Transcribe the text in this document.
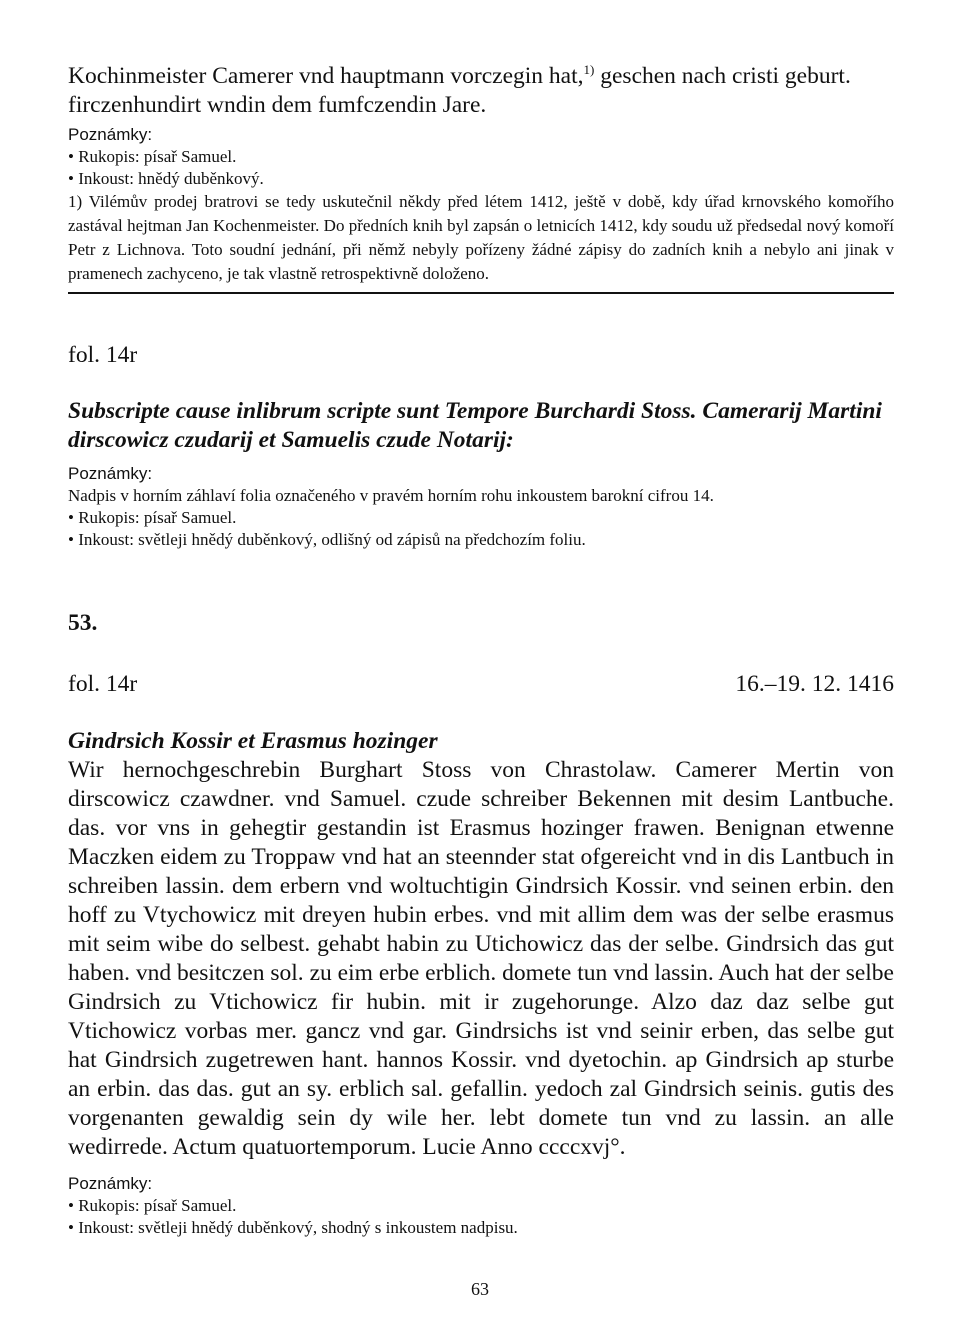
Kochinmeister Camerer vnd hauptmann vorczegin hat,$^{1)}$ geschen nach cristi geburt.

firczenhundirt wndin dem fumfczendin Jare.

Poznámky:

• Rukopis: písař Samuel.
• Inkoust: hnědý duběnkový.

1) Vilémův prodej bratrovi se tedy uskutečnil někdy před létem 1412, ještě v době, kdy úřad krnovského komořího zastával hejtman Jan Kochenmeister. Do předních knih byl zapsán o letnicích 1412, kdy soudu už předsedal nový komoří Petr z Lichnova. Toto soudní jednání, při němž nebyly pořízeny žádné zápisy do zadních knih a nebylo ani jinak v pramenech zachyceno, je tak vlastně retrospektivně doloženo.

fol. 14r

Subscripte cause inlibrum scripte sunt Tempore Burchardi Stoss. Camerarij Martini dirscowicz czudarij et Samuelis czude Notarij:

Poznámky:

Nadpis v horním záhlaví folia označeného v pravém horním rohu inkoustem barokní cifrou 14.

• Rukopis: písař Samuel.

• Inkoust: světleji hnědý duběnkový, odlišný od zápisů na předchozím foliu.

53.
fol. 14r	16.–19. 12. 1416

Gindrsich Kossir et Erasmus hozinger

Wir hernochgeschrebin Burghart Stoss von Chrastolaw. Camerer Mertin von dirscowicz czawdner. vnd Samuel. czude schreiber Bekennen mit desim Lantbuche. das. vor vns in gehegtir gestandin ist Erasmus hozinger frawen. Benignan etwenne Maczken eidem zu Troppaw vnd hat an steennder stat ofgereicht vnd in dis Lantbuch in schreiben lassin. dem erbern vnd woltuchtigin Gindrsich Kossir. vnd seinen erbin. den hoff zu Vtychowicz mit dreyen hubin erbes. vnd mit allim dem was der selbe erasmus mit seim wibe do selbest. gehabt habin zu Utichowicz das der selbe. Gindrsich das gut haben. vnd besitczen sol. zu eim erbe erblich. domete tun vnd lassin. Auch hat der selbe Gindrsich zu Vtichowicz fir hubin. mit ir zugehorunge. Alzo daz daz selbe gut Vtichowicz vorbas mer. gancz vnd gar. Gindrsichs ist vnd seinir erben, das selbe gut hat Gindrsich zugetrewen hant. hannos Kossir. vnd dyetochin. ap Gindrsich ap sturbe an erbin. das das. gut an sy. erblich sal. gefallin. yedoch zal Gindrsich seinis. gutis des vorgenanten gewaldig sein dy wile her. lebt domete tun vnd zu lassin. an alle wedirrede. Actum quatuortemporum. Lucie Anno ccccxvj°.

Poznámky:

• Rukopis: písař Samuel.

• Inkoust: světleji hnědý duběnkový, shodný s inkoustem nadpisu.

63
